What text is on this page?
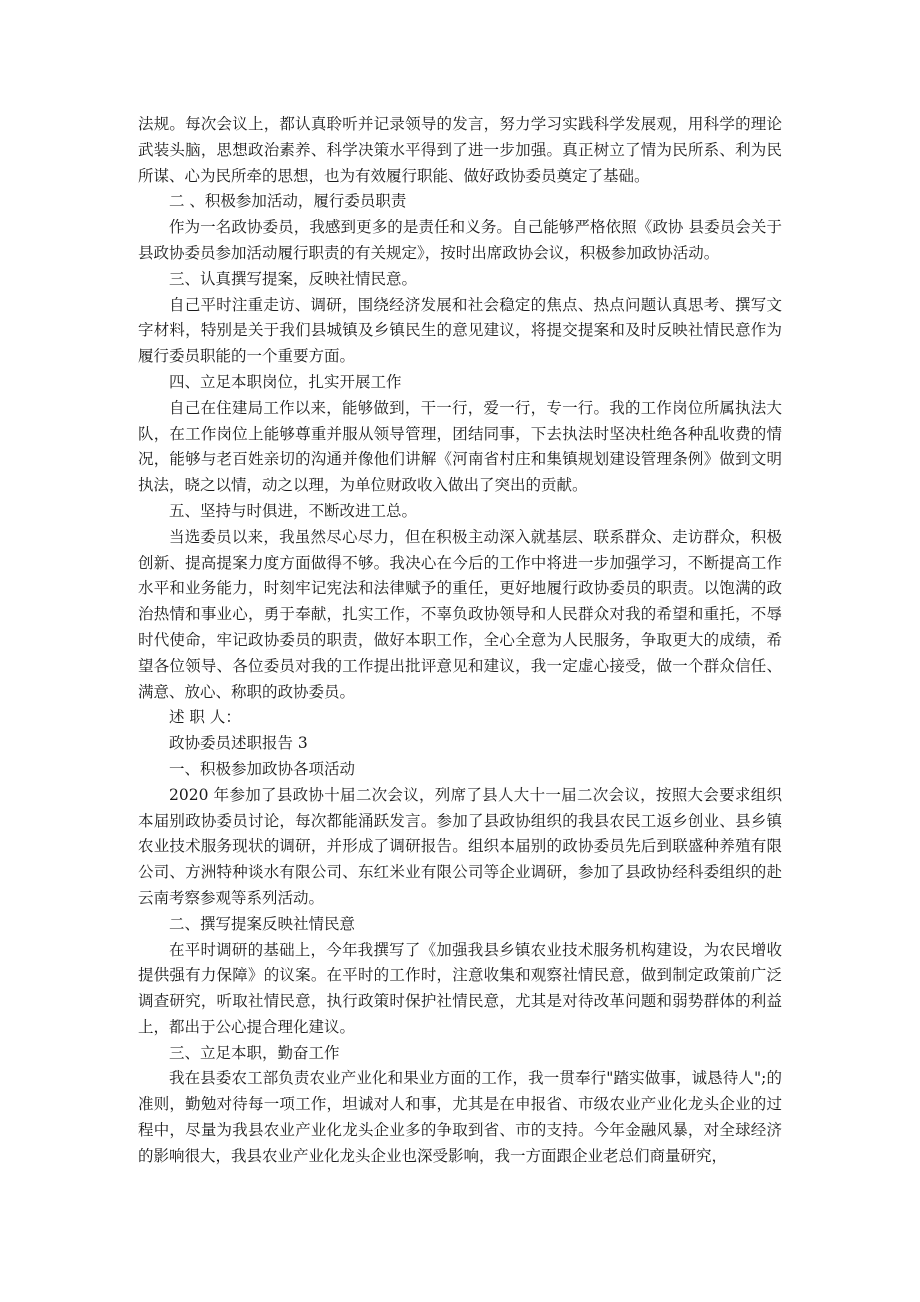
法规。每次会议上，都认真聆听并记录领导的发言，努力学习实践科学发展观，用科学的理论武装头脑，思想政治素养、科学决策水平得到了进一步加强。真正树立了情为民所系、利为民所谋、心为民所牵的思想，也为有效履行职能、做好政协委员奠定了基础。

二 、积极参加活动，履行委员职责

作为一名政协委员，我感到更多的是责任和义务。自己能够严格依照《政协 县委员会关于县政协委员参加活动履行职责的有关规定》，按时出席政协会议，积极参加政协活动。

三、认真撰写提案，反映社情民意。

自己平时注重走访、调研，围绕经济发展和社会稳定的焦点、热点问题认真思考、撰写文字材料，特别是关于我们县城镇及乡镇民生的意见建议，将提交提案和及时反映社情民意作为履行委员职能的一个重要方面。

四、立足本职岗位，扎实开展工作

自己在住建局工作以来，能够做到，干一行，爱一行，专一行。我的工作岗位所属执法大队，在工作岗位上能够尊重并服从领导管理，团结同事，下去执法时坚决杜绝各种乱收费的情况，能够与老百姓亲切的沟通并像他们讲解《河南省村庄和集镇规划建设管理条例》做到文明执法，晓之以情，动之以理，为单位财政收入做出了突出的贡献。

五、坚持与时俱进，不断改进工总。

当选委员以来，我虽然尽心尽力，但在积极主动深入就基层、联系群众、走访群众，积极创新、提高提案力度方面做得不够。我决心在今后的工作中将进一步加强学习，不断提高工作水平和业务能力，时刻牢记宪法和法律赋予的重任，更好地履行政协委员的职责。以饱满的政治热情和事业心，勇于奉献，扎实工作，不辜负政协领导和人民群众对我的希望和重托，不辱时代使命，牢记政协委员的职责，做好本职工作，全心全意为人民服务，争取更大的成绩，希望各位领导、各位委员对我的工作提出批评意见和建议，我一定虚心接受，做一个群众信任、满意、放心、称职的政协委员。

述 职 人：

政协委员述职报告 3

一、积极参加政协各项活动

2020 年参加了县政协十届二次会议，列席了县人大十一届二次会议，按照大会要求组织本届别政协委员讨论，每次都能涌跃发言。参加了县政协组织的我县农民工返乡创业、县乡镇农业技术服务现状的调研，并形成了调研报告。组织本届别的政协委员先后到联盛种养殖有限公司、方洲特种谈水有限公司、东红米业有限公司等企业调研，参加了县政协经科委组织的赴云南考察参观等系列活动。

二、撰写提案反映社情民意

在平时调研的基础上，今年我撰写了《加强我县乡镇农业技术服务机构建设，为农民增收提供强有力保障》的议案。在平时的工作时，注意收集和观察社情民意，做到制定政策前广泛调查研究，听取社情民意，执行政策时保护社情民意，尤其是对待改革问题和弱势群体的利益上，都出于公心提合理化建议。

三、立足本职，勤奋工作

我在县委农工部负责农业产业化和果业方面的工作，我一贯奉行"踏实做事，诚恳待人";的准则，勤勉对待每一项工作，坦诚对人和事，尤其是在申报省、市级农业产业化龙头企业的过程中，尽量为我县农业产业化龙头企业多的争取到省、市的支持。今年金融风暴，对全球经济的影响很大，我县农业产业化龙头企业也深受影响，我一方面跟企业老总们商量研究，
